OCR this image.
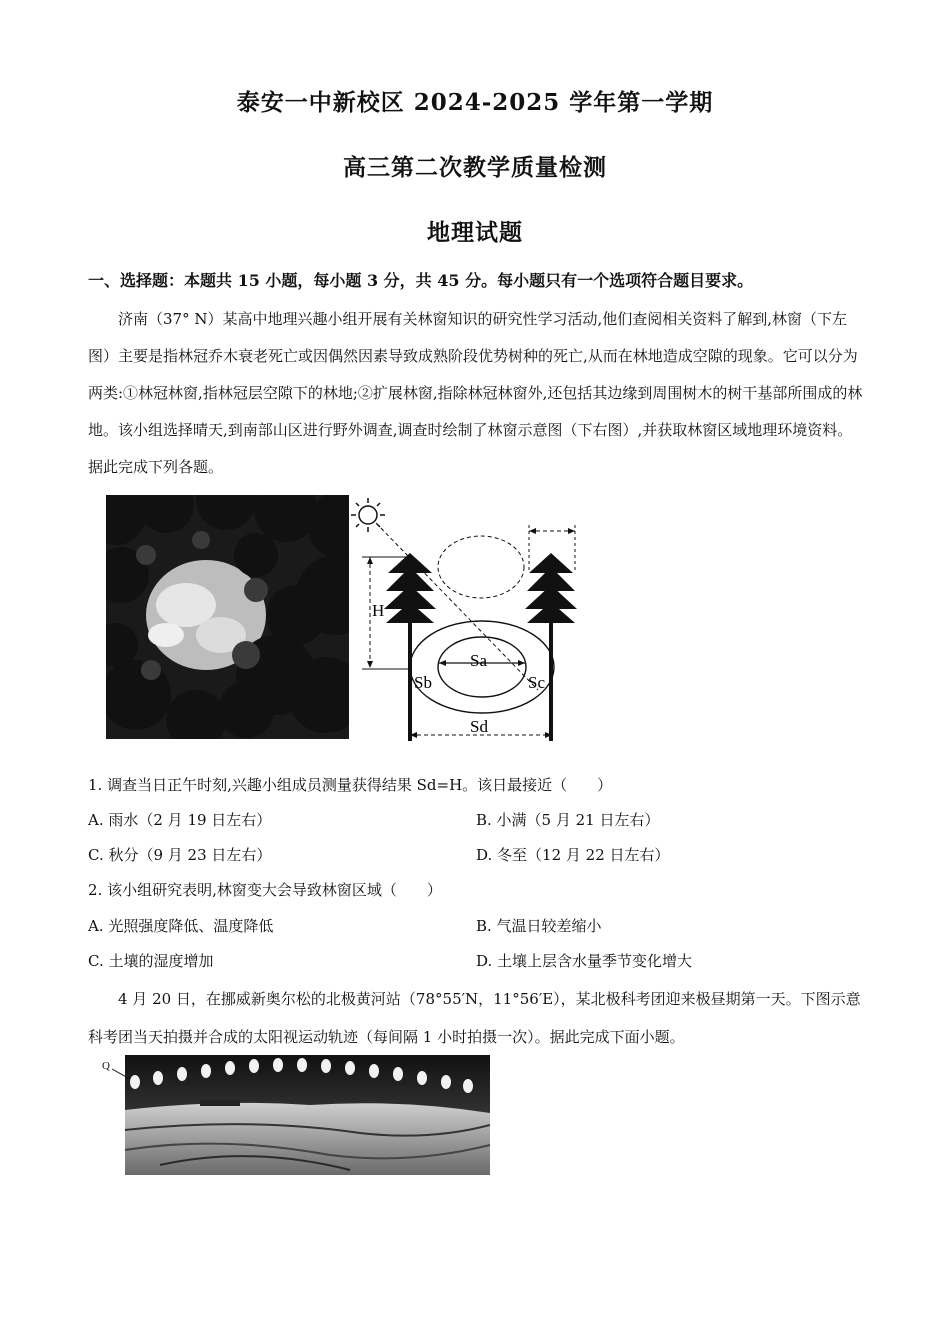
泰安一中新校区 2024-2025 学年第一学期
高三第二次教学质量检测
地理试题
一、选择题：本题共 15 小题，每小题 3 分，共 45 分。每小题只有一个选项符合题目要求。
济南（37° N）某高中地理兴趣小组开展有关林窗知识的研究性学习活动,他们查阅相关资料了解到,林窗（下左图）主要是指林冠乔木衰老死亡或因偶然因素导致成熟阶段优势树种的死亡,从而在林地造成空隙的现象。它可以分为两类:①林冠林窗,指林冠层空隙下的林地;②扩展林窗,指除林冠林窗外,还包括其边缘到周围树木的树干基部所围成的林地。该小组选择晴天,到南部山区进行野外调查,调查时绘制了林窗示意图（下右图）,并获取林窗区域地理环境资料。据此完成下列各题。
H
Sa
Sb	Sc
Sd
1. 调查当日正午时刻,兴趣小组成员测量获得结果 Sd=H。该日最接近（　　）
A. 雨水（2 月 19 日左右）	B. 小满（5 月 21 日左右）
C. 秋分（9 月 23 日左右）	D. 冬至（12 月 22 日左右）
2. 该小组研究表明,林窗变大会导致林窗区域（　　）
A. 光照强度降低、温度降低	B. 气温日较差缩小
C. 土壤的湿度增加	D. 土壤上层含水量季节变化增大
4 月 20 日，在挪威新奥尔松的北极黄河站（78°55′N，11°56′E），某北极科考团迎来极昼期第一天。下图示意科考团当天拍摄并合成的太阳视运动轨迹（每间隔 1 小时拍摄一次）。据此完成下面小题。
Q
